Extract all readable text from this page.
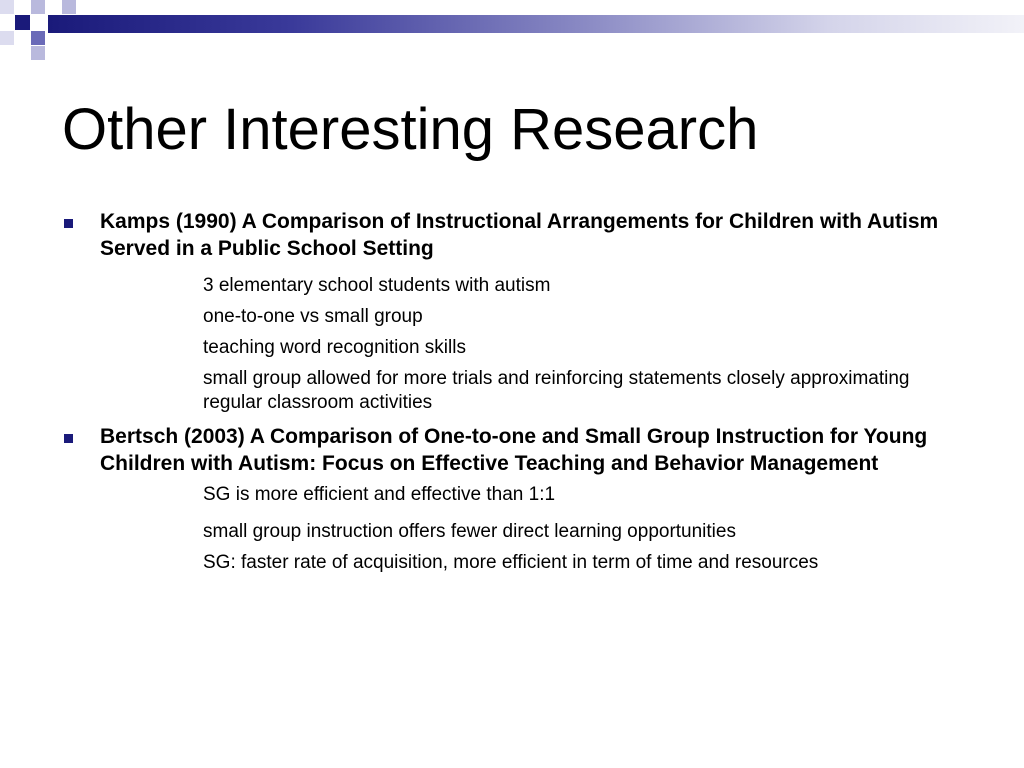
Other Interesting Research

Kamps (1990) A Comparison of Instructional Arrangements for Children with Autism Served in a Public School Setting

3 elementary school students with autism
one-to-one vs small group
teaching word recognition skills
small group allowed for more trials and reinforcing statements closely approximating regular classroom activities

Bertsch (2003) A Comparison of One-to-one and Small Group Instruction for Young Children with Autism: Focus on Effective Teaching and Behavior Management

SG is more efficient and effective than 1:1
small group instruction offers fewer direct learning opportunities
SG: faster rate of acquisition, more efficient in term of time and resources
